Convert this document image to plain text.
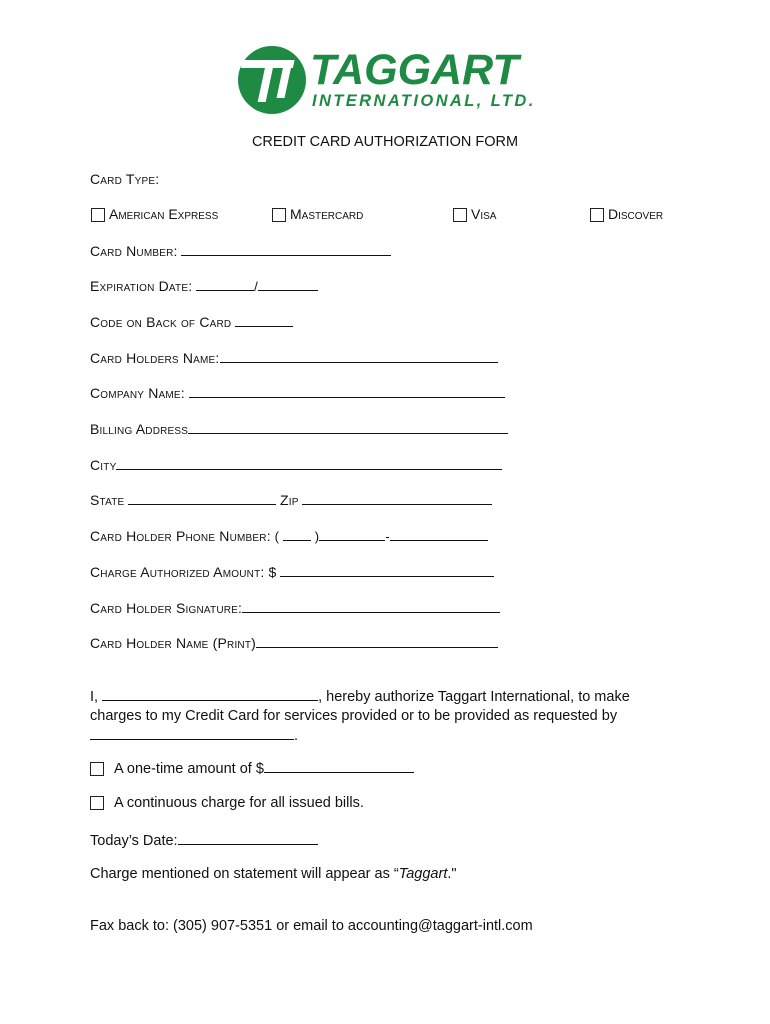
TAGGART
INTERNATIONAL, LTD.
CREDIT CARD AUTHORIZATION FORM
Card Type:
American Express	Mastercard	Visa	Discover
Card Number:
Expiration Date:	/
Code on Back of Card
Card Holders Name:
Company Name:
Billing Address
City
State	Zip
Card Holder Phone Number: (	)	-
Charge Authorized Amount: $
Card Holder Signature:
Card Holder Name (Print)
I,	, hereby authorize Taggart International, to make
charges to my Credit Card for services provided or to be provided as requested by
.
A one-time amount of $
A continuous charge for all issued bills.
Today’s Date:
Charge mentioned on statement will appear as “Taggart."
Fax back to: (305) 907-5351 or email to accounting@taggart-intl.com
